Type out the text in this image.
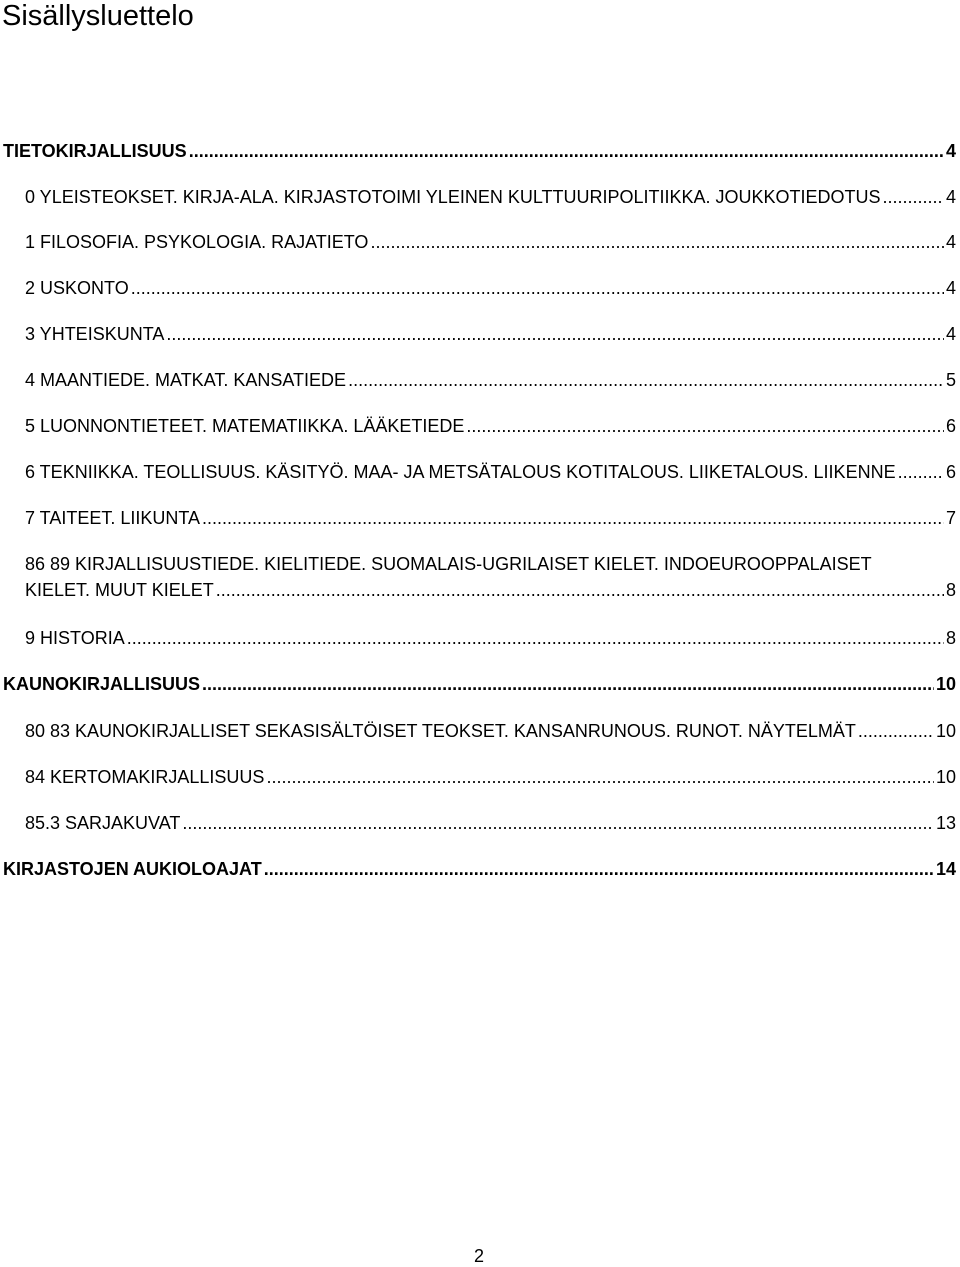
Sisällysluettelo
TIETOKIRJALLISUUS .....	4
0 YLEISTEOKSET. KIRJA-ALA. KIRJASTOTOIMI YLEINEN KULTTUURIPOLITIIKKA. JOUKKOTIEDOTUS .....	4
1 FILOSOFIA. PSYKOLOGIA. RAJATIETO .....	4
2 USKONTO .....	4
3 YHTEISKUNTA .....	4
4 MAANTIEDE. MATKAT. KANSATIEDE .....	5
5 LUONNONTIETEET. MATEMATIIKKA. LÄÄKETIEDE .....	6
6 TEKNIIKKA. TEOLLISUUS. KÄSITYÖ. MAA- JA METSÄTALOUS KOTITALOUS. LIIKETALOUS. LIIKENNE .....	6
7 TAITEET. LIIKUNTA .....	7
86 89 KIRJALLISUUSTIEDE. KIELITIEDE. SUOMALAIS-UGRILAISET KIELET. INDOEUROOPPALAISET
KIELET. MUUT KIELET .....	8
9 HISTORIA .....	8
KAUNOKIRJALLISUUS .....	10
80 83 KAUNOKIRJALLISET SEKASISÄLTÖISET TEOKSET. KANSANRUNOUS. RUNOT. NÄYTELMÄT .....	10
84 KERTOMAKIRJALLISUUS .....	10
85.3 SARJAKUVAT .....	13
KIRJASTOJEN AUKIOLOAJAT .....	14
2
